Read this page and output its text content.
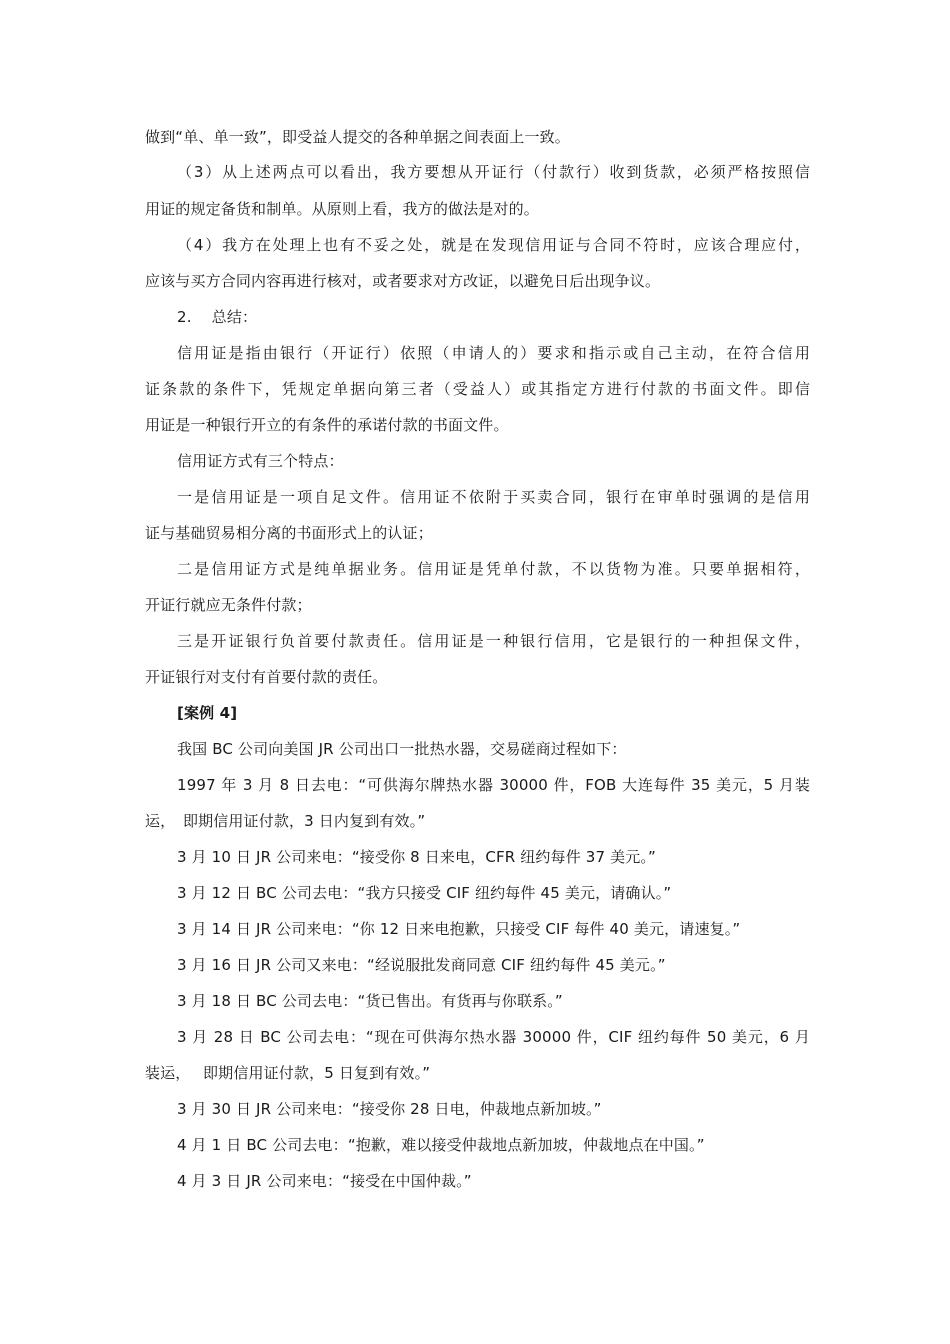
做到“单、单一致”，即受益人提交的各种单据之间表面上一致。
（3）从上述两点可以看出，我方要想从开证行（付款行）收到货款，必须严格按照信
用证的规定备货和制单。从原则上看，我方的做法是对的。
（4）我方在处理上也有不妥之处，就是在发现信用证与合同不符时，应该合理应付，
应该与买方合同内容再进行核对，或者要求对方改证，以避免日后出现争议。
2.　 总结：
信用证是指由银行（开证行）依照（申请人的）要求和指示或自己主动，在符合信用
证条款的条件下，凭规定单据向第三者（受益人）或其指定方进行付款的书面文件。即信
用证是一种银行开立的有条件的承诺付款的书面文件。
信用证方式有三个特点：
一是信用证是一项自足文件。信用证不依附于买卖合同，银行在审单时强调的是信用
证与基础贸易相分离的书面形式上的认证；
二是信用证方式是纯单据业务。信用证是凭单付款，不以货物为准。只要单据相符，
开证行就应无条件付款；
三是开证银行负首要付款责任。信用证是一种银行信用，它是银行的一种担保文件，
开证银行对支付有首要付款的责任。
[案例 4]
我国 BC 公司向美国 JR 公司出口一批热水器，交易磋商过程如下：
1997 年 3 月 8 日去电：“可供海尔牌热水器 30000 件，FOB 大连每件 35 美元，5 月装
运，　即期信用证付款，3 日内复到有效。”
3 月 10 日 JR 公司来电：“接受你 8 日来电，CFR 纽约每件 37 美元。”
3 月 12 日 BC 公司去电：“我方只接受 CIF 纽约每件 45 美元，请确认。”
3 月 14 日 JR 公司来电：“你 12 日来电抱歉，只接受 CIF 每件 40 美元，请速复。”
3 月 16 日 JR 公司又来电：“经说服批发商同意 CIF 纽约每件 45 美元。”
3 月 18 日 BC 公司去电：“货已售出。有货再与你联系。”
3 月 28 日 BC 公司去电：“现在可供海尔热水器 30000 件，CIF 纽约每件 50 美元，6 月
装运，　 即期信用证付款，5 日复到有效。”
3 月 30 日 JR 公司来电：“接受你 28 日电，仲裁地点新加坡。”
4 月 1 日 BC 公司去电：“抱歉，难以接受仲裁地点新加坡，仲裁地点在中国。”
4 月 3 日 JR 公司来电：“接受在中国仲裁。”
